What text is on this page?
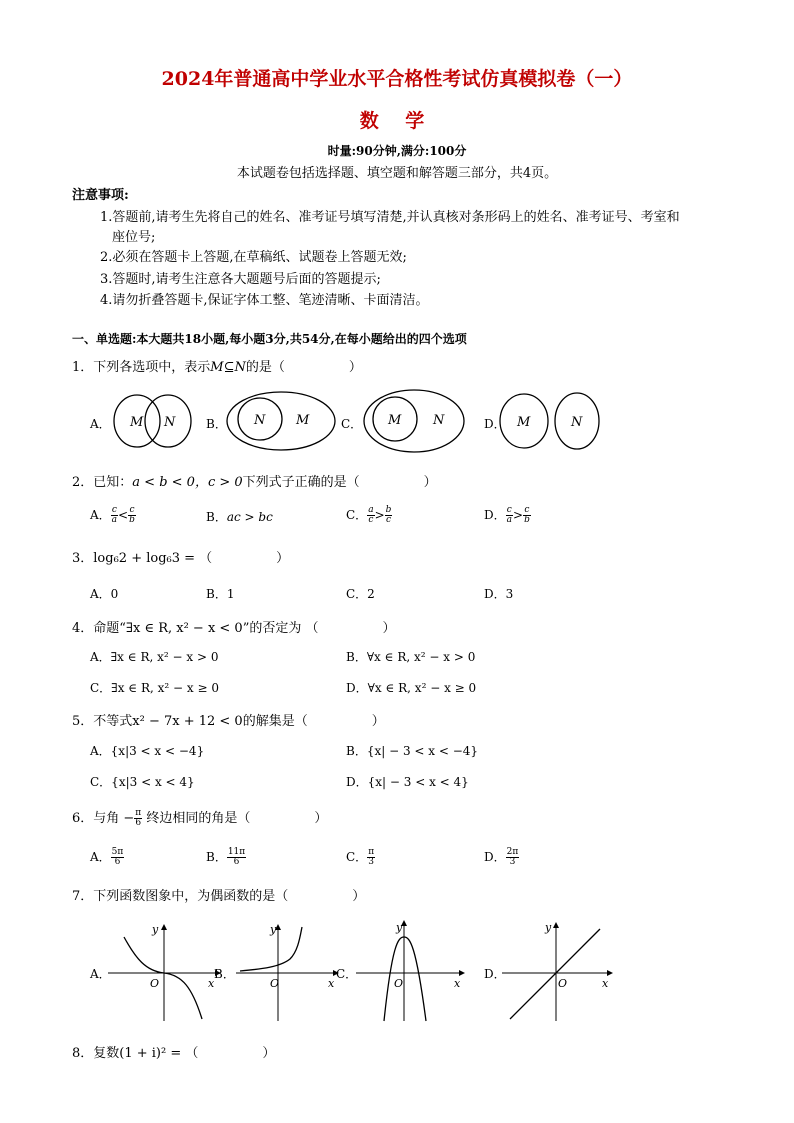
2024年普通高中学业水平合格性考试仿真模拟卷（一）
数 学
时量:90分钟,满分:100分
本试题卷包括选择题、填空题和解答题三部分，共4页。
注意事项:
1.答题前,请考生先将自己的姓名、准考证号填写清楚,并认真核对条形码上的姓名、准考证号、考室和
座位号;
2.必须在答题卡上答题,在草稿纸、试题卷上答题无效;
3.答题时,请考生注意各大题题号后面的答题提示;
4.请勿折叠答题卡,保证字体工整、笔迹清晰、卡面清洁。
一、单选题:本大题共18小题,每小题3分,共54分,在每小题给出的四个选项
1．下列各选项中，表示M⊆N的是（	）
A．	B．	C．	D．
M N	N M	M N	M	N
2．已知：a < b < 0，c > 0下列式子正确的是（	）
A． $\frac{c}{a} < \frac{c}{b}$	B．ac > bc	C． $\frac{a}{c} > \frac{b}{c}$	D． $\frac{c}{a} > \frac{c}{b}$
3．log₆2 + log₆3 = （	）
A．0	B．1	C．2	D．3
4．命题“∃x ∈ R, x² − x < 0”的否定为 （	）
A．∃x ∈ R, x² − x > 0	B．∀x ∈ R, x² − x > 0
C．∃x ∈ R, x² − x ≥ 0	D．∀x ∈ R, x² − x ≥ 0
5．不等式x² − 7x + 12 < 0的解集是（	）
A．{x|3 < x < −4}	B．{x| − 3 < x < −4}
C．{x|3 < x < 4}	D．{x| − 3 < x < 4}
6．与角 − $\frac{\pi}{6}$ 终边相同的角是（	）
A． $\frac{5\pi}{6}$	B． $\frac{11\pi}{6}$	C． $\frac{\pi}{3}$	D． $\frac{2\pi}{3}$
7．下列函数图象中，为偶函数的是（	）
A．	B．	C．	D．
y
x
O
y
x
O
y
x
O
y
x
O
8．复数(1 + i)² = （	）
